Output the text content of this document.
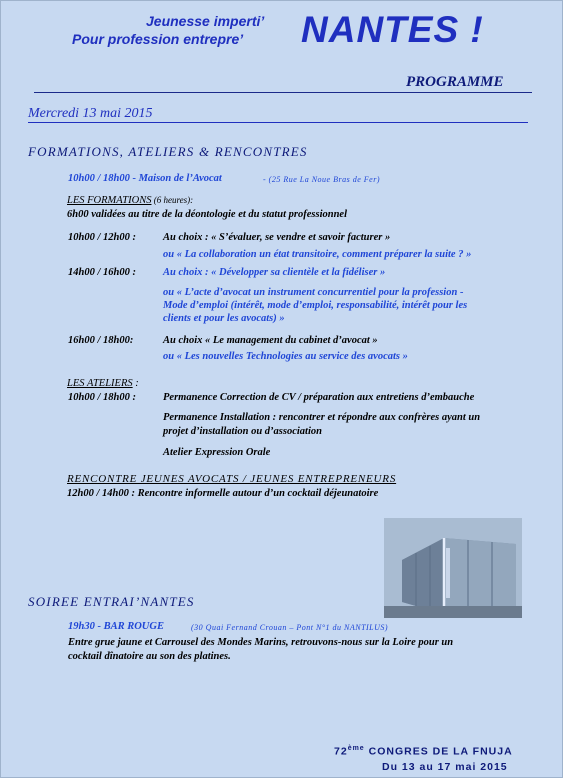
Jeunesse imperti’
Pour profession entrepre’ NANTES !
PROGRAMME
Mercredi 13 mai 2015
FORMATIONS, ATELIERS & RENCONTRES
10h00 / 18h00 - Maison de l’Avocat	- (25 Rue La Noue Bras de Fer)
LES FORMATIONS (6 heures):
6h00 validées au titre de la déontologie et du statut professionnel
10h00 / 12h00 :	Au choix : « S’évaluer, se vendre et savoir facturer »
ou « La collaboration un état transitoire, comment préparer la suite ? »
14h00 / 16h00 :	Au choix : « Développer sa clientèle et la fidéliser »
ou « L’acte d’avocat un instrument concurrentiel pour la profession -
Mode d’emploi (intérêt, mode d’emploi, responsabilité, intérêt pour les
clients et pour les avocats) »
16h00 / 18h00:	Au choix « Le management du cabinet d’avocat »
ou « Les nouvelles Technologies au service des avocats »
LES ATELIERS :
10h00 / 18h00 :	Permanence Correction de CV / préparation aux entretiens d’embauche
Permanence Installation : rencontrer et répondre aux confrères ayant un
projet d’installation ou d’association
Atelier Expression Orale
RENCONTRE JEUNES AVOCATS / JEUNES ENTREPRENEURS
12h00 / 14h00 : Rencontre informelle autour d’un cocktail déjeunatoire
SOIREE ENTRAI’NANTES
19h30 - BAR ROUGE	(30 Quai Fernand Crouan – Pont N°1 du NANTILUS)
Entre grue jaune et Carrousel des Mondes Marins, retrouvons-nous sur la Loire pour un
cocktail dînatoire au son des platines.
72ème CONGRES DE LA FNUJA
Du 13 au 17 mai 2015
